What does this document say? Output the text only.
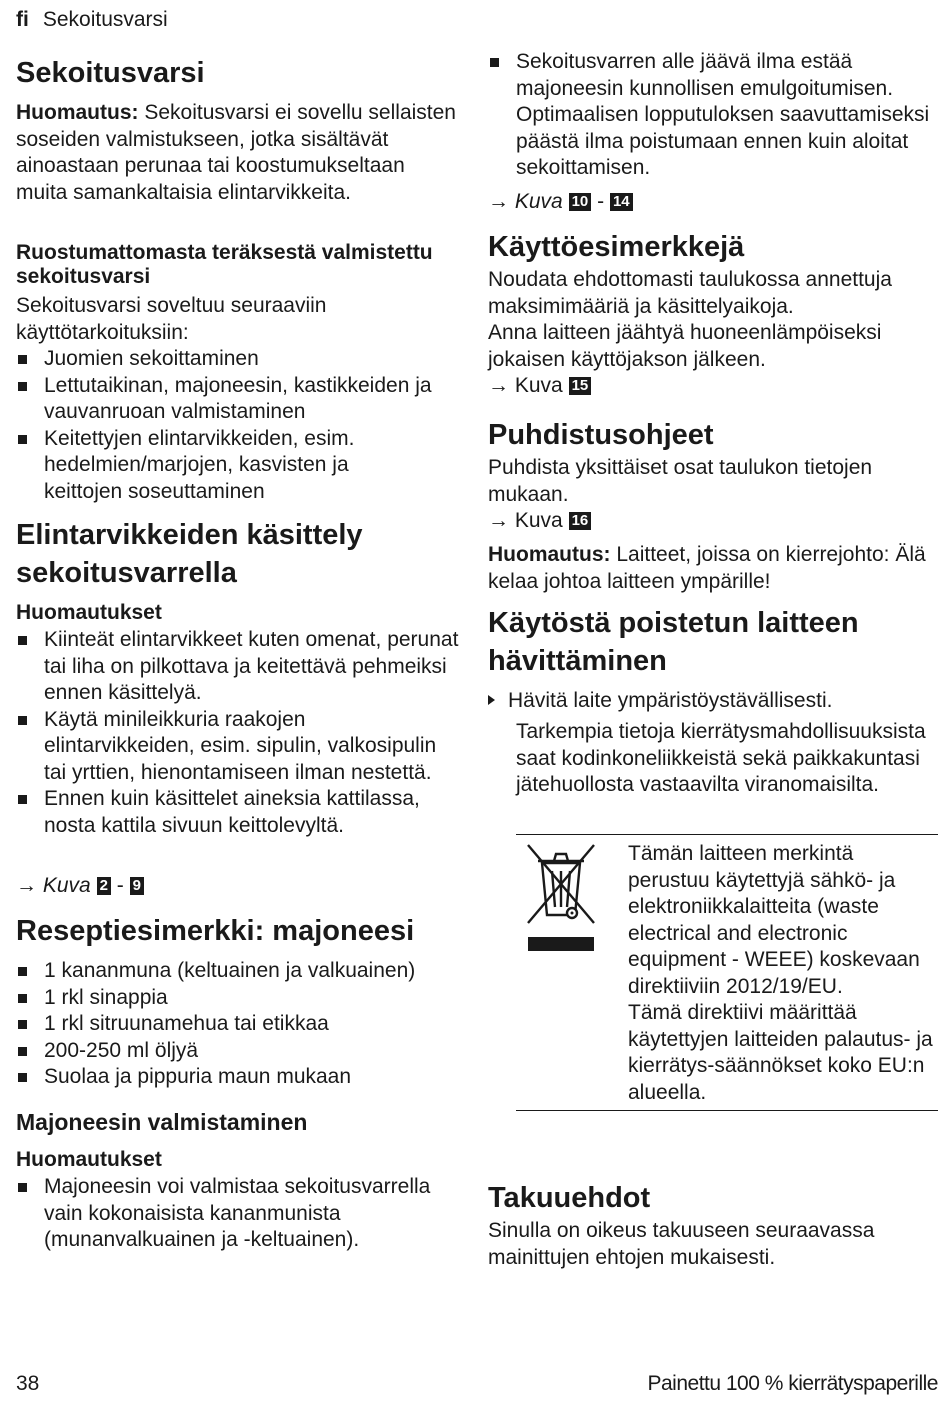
fi Sekoitusvarsi
Sekoitusvarsi

Huomautus: Sekoitusvarsi ei sovellu sellaisten soseiden valmistukseen, jotka sisältävät ainoastaan perunaa tai koostumukseltaan muita samankaltaisia elintarvikkeita.

Ruostumattomasta teräksestä valmistettu sekoitusvarsi

Sekoitusvarsi soveltuu seuraaviin käyttötarkoituksiin:

Juomien sekoittaminen
Lettutaikinan, majoneesin, kastikkeiden ja vauvanruoan valmistaminen
Keitettyjen elintarvikkeiden, esim. hedelmien/marjojen, kasvisten ja keittojen soseuttaminen
Elintarvikkeiden käsittely sekoitusvarrella
Huomautukset
Kiinteät elintarvikkeet kuten omenat, perunat tai liha on pilkottava ja keitettävä pehmeiksi ennen käsittelyä.
Käytä minileikkuria raakojen elintarvikkeiden, esim. sipulin, valkosipulin tai yrttien, hienontamiseen ilman nestettä.
Ennen kuin käsittelet aineksia kattilassa, nosta kattila sivuun keittolevyltä.
→ Kuva 2 - 9
Reseptiesimerkki: majoneesi
1 kananmuna (keltuainen ja valkuainen)
1 rkl sinappia
1 rkl sitruunamehua tai etikkaa
200-250 ml öljyä
Suolaa ja pippuria maun mukaan
Majoneesin valmistaminen
Huomautukset
Majoneesin voi valmistaa sekoitusvarrella vain kokonaisista kananmunista (munanvalkuainen ja -keltuainen).
Sekoitusvarren alle jäävä ilma estää majoneesin kunnollisen emulgoitumisen. Optimaalisen lopputuloksen saavuttamiseksi päästä ilma poistumaan ennen kuin aloitat sekoittamisen.
→ Kuva 10 - 14
Käyttöesimerkkejä

Noudata ehdottomasti taulukossa annettuja maksimimääriä ja käsittelyaikoja.

Anna laitteen jäähtyä huoneenlämpöiseksi jokaisen käyttöjakson jälkeen.

→ Kuva 15
Puhdistusohjeet

Puhdista yksittäiset osat taulukon tietojen mukaan.

→ Kuva 16

Huomautus: Laitteet, joissa on kierrejohto: Älä kelaa johtoa laitteen ympärille!

Käytöstä poistetun laitteen hävittäminen

Hävitä laite ympäristöystävällisesti.

Tarkempia tietoja kierrätysmahdollisuuksista saat kodinkoneliikkeistä sekä paikkakuntasi jätehuollosta vastaavilta viranomaisilta.

Tämän laitteen merkintä perustuu käytettyjä sähkö- ja elektroniikkalaitteita (waste electrical and electronic equipment - WEEE) koskevaan direktiiviin 2012/19/EU.

Tämä direktiivi määrittää käytettyjen laitteiden palautus- ja kierrätys-säännökset koko EU:n alueella.

Takuuehdot

Sinulla on oikeus takuuseen seuraavassa mainittujen ehtojen mukaisesti.

38	Painettu 100 % kierrätyspaperille
